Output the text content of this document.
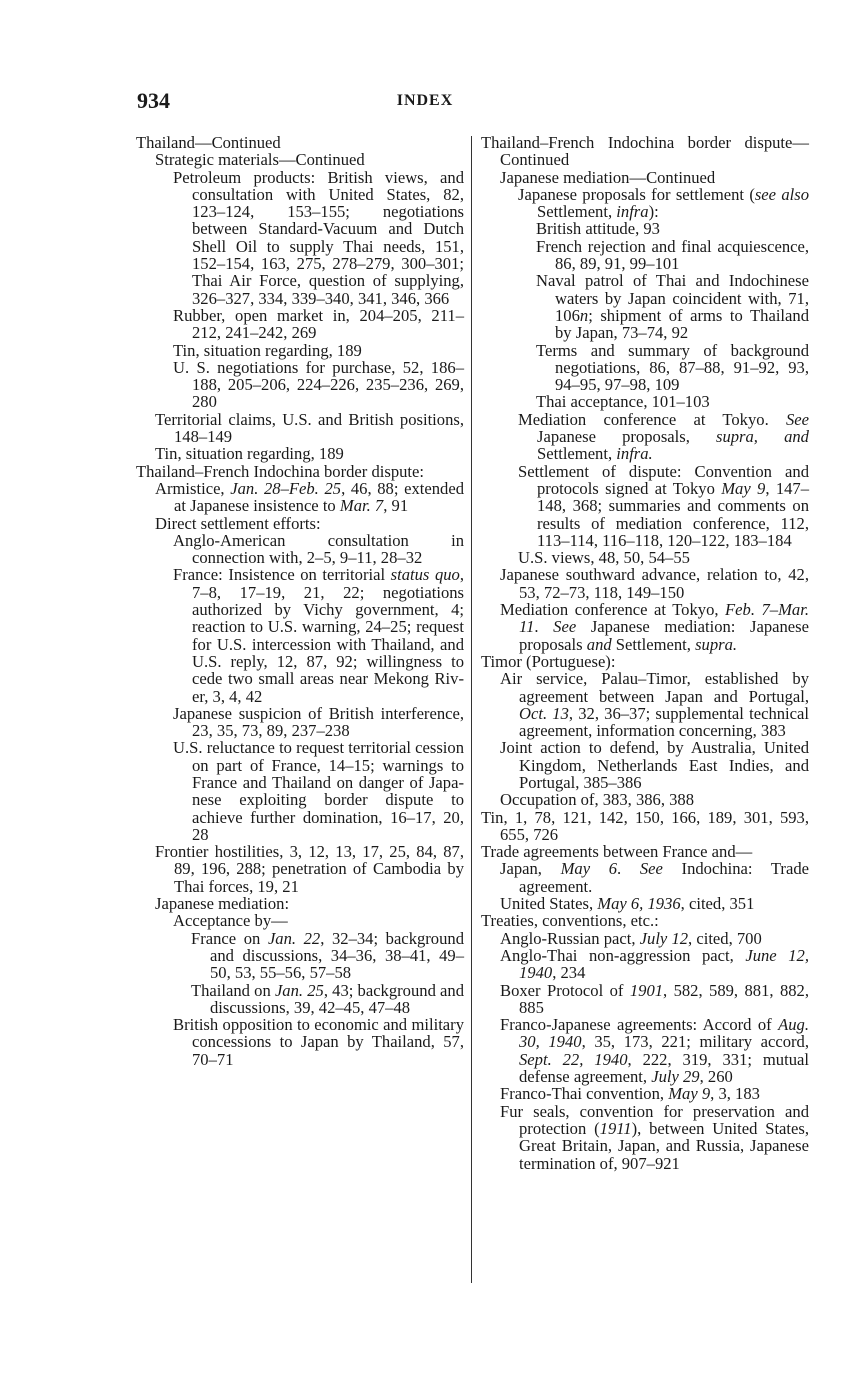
934	INDEX

Thailand—Continued

Strategic materials—Continued

Petroleum products: British views, and consultation with United States, 82, 123–124, 153–155; negotiations between Standard-Vacuum and Dutch Shell Oil to supply Thai needs, 151, 152–154, 163, 275, 278–279, 300–301; Thai Air Force, question of supplying, 326–327, 334, 339–340, 341, 346, 366

Rubber, open market in, 204–205, 211–212, 241–242, 269

Tin, situation regarding, 189

U. S. negotiations for purchase, 52, 186–188, 205–206, 224–226, 235–236, 269, 280

Territorial claims, U.S. and British positions, 148–149

Tin, situation regarding, 189

Thailand–French Indochina border dispute:

Armistice, Jan. 28–Feb. 25, 46, 88; extended at Japanese insistence to Mar. 7, 91

Direct settlement efforts:

Anglo-American consultation in connection with, 2–5, 9–11, 28–32

France: Insistence on territorial status quo, 7–8, 17–19, 21, 22; negotiations authorized by Vichy government, 4; reaction to U.S. warning, 24–25; request for U.S. intercession with Thailand, and U.S. reply, 12, 87, 92; willingness to cede two small areas near Mekong River, 3, 4, 42

Japanese suspicion of British interference, 23, 35, 73, 89, 237–238

U.S. reluctance to request territorial cession on part of France, 14–15; warnings to France and Thailand on danger of Japanese exploiting border dispute to achieve further domination, 16–17, 20, 28

Frontier hostilities, 3, 12, 13, 17, 25, 84, 87, 89, 196, 288; penetration of Cambodia by Thai forces, 19, 21

Japanese mediation:

Acceptance by—

France on Jan. 22, 32–34; background and discussions, 34–36, 38–41, 49–50, 53, 55–56, 57–58

Thailand on Jan. 25, 43; background and discussions, 39, 42–45, 47–48

British opposition to economic and military concessions to Japan by Thailand, 57, 70–71

Thailand–French Indochina border dispute—Continued

Japanese mediation—Continued

Japanese proposals for settlement (see also Settlement, infra):

British attitude, 93

French rejection and final acquiescence, 86, 89, 91, 99–101

Naval patrol of Thai and Indochinese waters by Japan coincident with, 71, 106n; shipment of arms to Thailand by Japan, 73–74, 92

Terms and summary of background negotiations, 86, 87–88, 91–92, 93, 94–95, 97–98, 109

Thai acceptance, 101–103

Mediation conference at Tokyo. See Japanese proposals, supra, and Settlement, infra.

Settlement of dispute: Convention and protocols signed at Tokyo May 9, 147–148, 368; summaries and comments on results of mediation conference, 112, 113–114, 116–118, 120–122, 183–184

U.S. views, 48, 50, 54–55

Japanese southward advance, relation to, 42, 53, 72–73, 118, 149–150

Mediation conference at Tokyo, Feb. 7–Mar. 11. See Japanese mediation: Japanese proposals and Settlement, supra.

Timor (Portuguese):

Air service, Palau–Timor, established by agreement between Japan and Portugal, Oct. 13, 32, 36–37; supplemental technical agreement, information concerning, 383

Joint action to defend, by Australia, United Kingdom, Netherlands East Indies, and Portugal, 385–386

Occupation of, 383, 386, 388

Tin, 1, 78, 121, 142, 150, 166, 189, 301, 593, 655, 726

Trade agreements between France and—

Japan, May 6. See Indochina: Trade agreement.

United States, May 6, 1936, cited, 351

Treaties, conventions, etc.:

Anglo-Russian pact, July 12, cited, 700

Anglo-Thai non-aggression pact, June 12, 1940, 234

Boxer Protocol of 1901, 582, 589, 881, 882, 885

Franco-Japanese agreements: Accord of Aug. 30, 1940, 35, 173, 221; military accord, Sept. 22, 1940, 222, 319, 331; mutual defense agreement, July 29, 260

Franco-Thai convention, May 9, 3, 183

Fur seals, convention for preservation and protection (1911), between United States, Great Britain, Japan, and Russia, Japanese termination of, 907–921
